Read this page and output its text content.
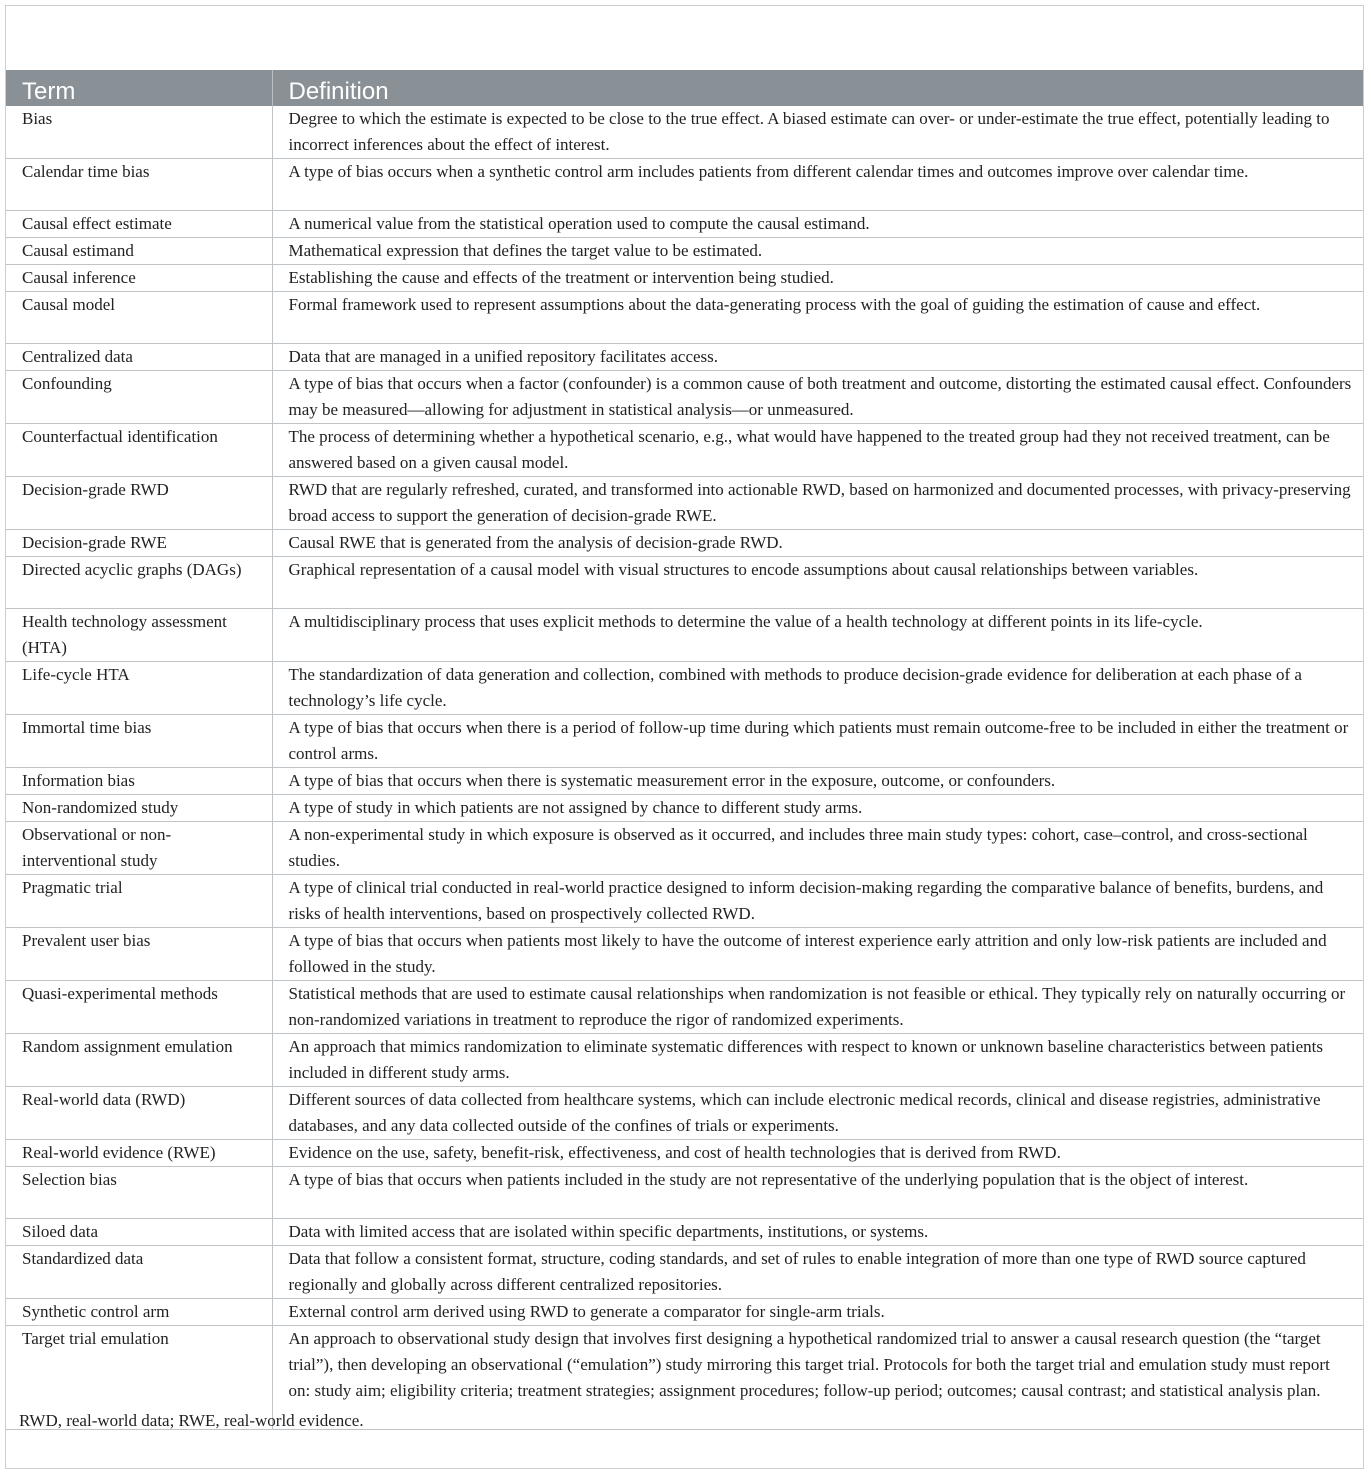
Term	Definition
Bias	Degree to which the estimate is expected to be close to the true effect. A biased estimate can over- or under-estimate the true effect, potentially leading to incorrect inferences about the effect of interest.
Calendar time bias	A type of bias occurs when a synthetic control arm includes patients from different calendar times and outcomes improve over calendar time.
Causal effect estimate	A numerical value from the statistical operation used to compute the causal estimand.
Causal estimand	Mathematical expression that defines the target value to be estimated.
Causal inference	Establishing the cause and effects of the treatment or intervention being studied.
Causal model	Formal framework used to represent assumptions about the data-generating process with the goal of guiding the estimation of cause and effect.
Centralized data	Data that are managed in a unified repository facilitates access.
Confounding	A type of bias that occurs when a factor (confounder) is a common cause of both treatment and outcome, distorting the estimated causal effect. Confounders may be measured—allowing for adjustment in statistical analysis—or unmeasured.
Counterfactual identification	The process of determining whether a hypothetical scenario, e.g., what would have happened to the treated group had they not received treatment, can be answered based on a given causal model.
Decision-grade RWD	RWD that are regularly refreshed, curated, and transformed into actionable RWD, based on harmonized and documented processes, with privacy-preserving broad access to support the generation of decision-grade RWE.
Decision-grade RWE	Causal RWE that is generated from the analysis of decision-grade RWD.
Directed acyclic graphs (DAGs)	Graphical representation of a causal model with visual structures to encode assumptions about causal relationships between variables.
Health technology assessment (HTA)	A multidisciplinary process that uses explicit methods to determine the value of a health technology at different points in its life-cycle.
Life-cycle HTA	The standardization of data generation and collection, combined with methods to produce decision-grade evidence for deliberation at each phase of a technology’s life cycle.
Immortal time bias	A type of bias that occurs when there is a period of follow-up time during which patients must remain outcome-free to be included in either the treatment or control arms.
Information bias	A type of bias that occurs when there is systematic measurement error in the exposure, outcome, or confounders.
Non-randomized study	A type of study in which patients are not assigned by chance to different study arms.
Observational or non-interventional study	A non-experimental study in which exposure is observed as it occurred, and includes three main study types: cohort, case–control, and cross-sectional studies.
Pragmatic trial	A type of clinical trial conducted in real-world practice designed to inform decision-making regarding the comparative balance of benefits, burdens, and risks of health interventions, based on prospectively collected RWD.
Prevalent user bias	A type of bias that occurs when patients most likely to have the outcome of interest experience early attrition and only low-risk patients are included and followed in the study.
Quasi-experimental methods	Statistical methods that are used to estimate causal relationships when randomization is not feasible or ethical. They typically rely on naturally occurring or non-randomized variations in treatment to reproduce the rigor of randomized experiments.
Random assignment emulation	An approach that mimics randomization to eliminate systematic differences with respect to known or unknown baseline characteristics between patients included in different study arms.
Real-world data (RWD)	Different sources of data collected from healthcare systems, which can include electronic medical records, clinical and disease registries, administrative databases, and any data collected outside of the confines of trials or experiments.
Real-world evidence (RWE)	Evidence on the use, safety, benefit-risk, effectiveness, and cost of health technologies that is derived from RWD.
Selection bias	A type of bias that occurs when patients included in the study are not representative of the underlying population that is the object of interest.
Siloed data	Data with limited access that are isolated within specific departments, institutions, or systems.
Standardized data	Data that follow a consistent format, structure, coding standards, and set of rules to enable integration of more than one type of RWD source captured regionally and globally across different centralized repositories.
Synthetic control arm	External control arm derived using RWD to generate a comparator for single-arm trials.
Target trial emulation	An approach to observational study design that involves first designing a hypothetical randomized trial to answer a causal research question (the “target trial”), then developing an observational (“emulation”) study mirroring this target trial. Protocols for both the target trial and emulation study must report on: study aim; eligibility criteria; treatment strategies; assignment procedures; follow-up period; outcomes; causal contrast; and statistical analysis plan.
RWD, real-world data; RWE, real-world evidence.
